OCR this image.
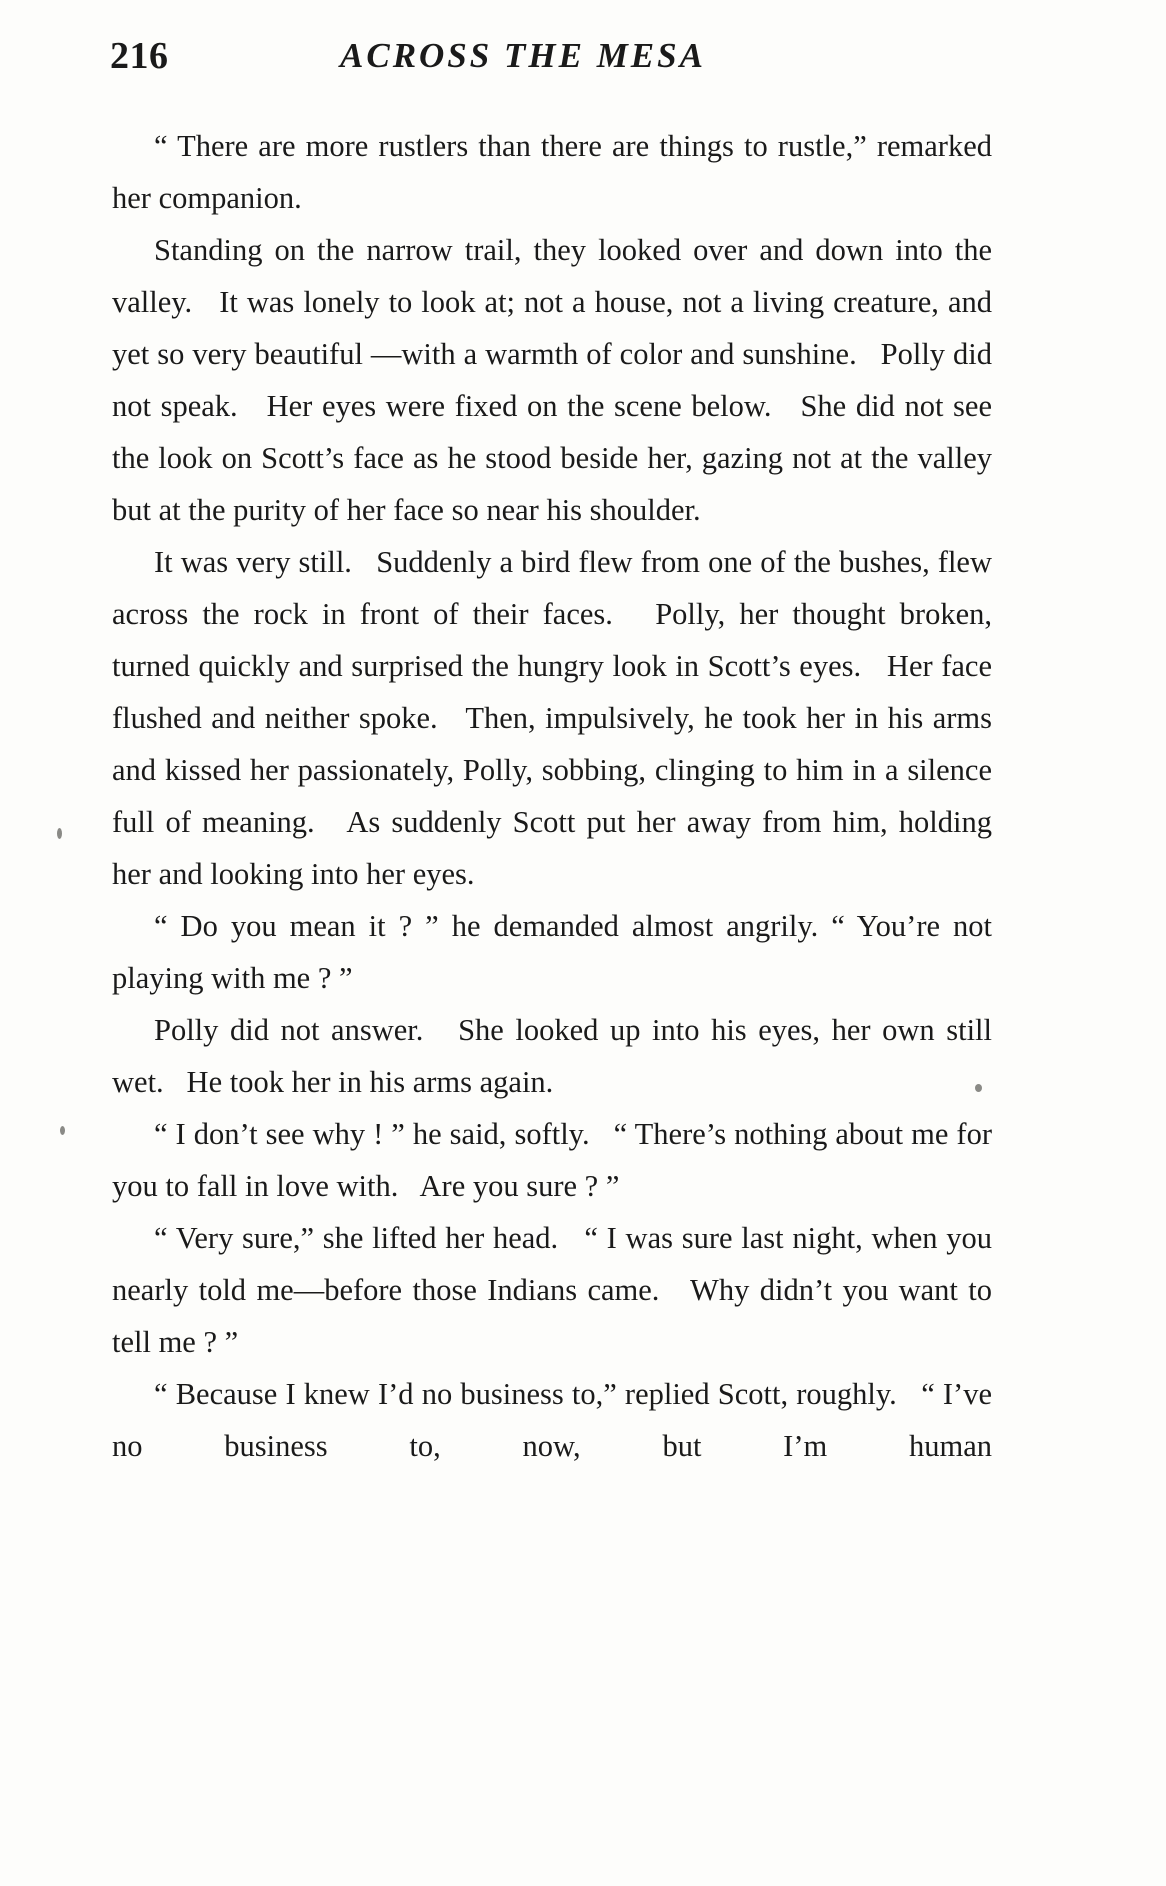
216	ACROSS THE MESA

“ There are more rustlers than there are things to rustle,” remarked her companion.

Standing on the narrow trail, they looked over and down into the valley.   It was lonely to look at; not a house, not a living creature, and yet so very beautiful —with a warmth of color and sunshine.   Polly did not speak.   Her eyes were fixed on the scene below.   She did not see the look on Scott’s face as he stood beside her, gazing not at the valley but at the purity of her face so near his shoulder.

It was very still.   Suddenly a bird flew from one of the bushes, flew across the rock in front of their faces.   Polly, her thought broken, turned quickly and surprised the hungry look in Scott’s eyes.   Her face flushed and neither spoke.   Then, impulsively, he took her in his arms and kissed her passionately, Polly, sobbing, clinging to him in a silence full of meaning.   As suddenly Scott put her away from him, holding her and looking into her eyes.

“ Do you mean it ? ” he demanded almost angrily. “ You’re not playing with me ? ”

Polly did not answer.   She looked up into his eyes, her own still wet.   He took her in his arms again.

“ I don’t see why ! ” he said, softly.   “ There’s nothing about me for you to fall in love with.   Are you sure ? ”

“ Very sure,” she lifted her head.   “ I was sure last night, when you nearly told me—before those Indians came.   Why didn’t you want to tell me ? ”

“ Because I knew I’d no business to,” replied Scott, roughly.   “ I’ve no business to, now, but I’m human
